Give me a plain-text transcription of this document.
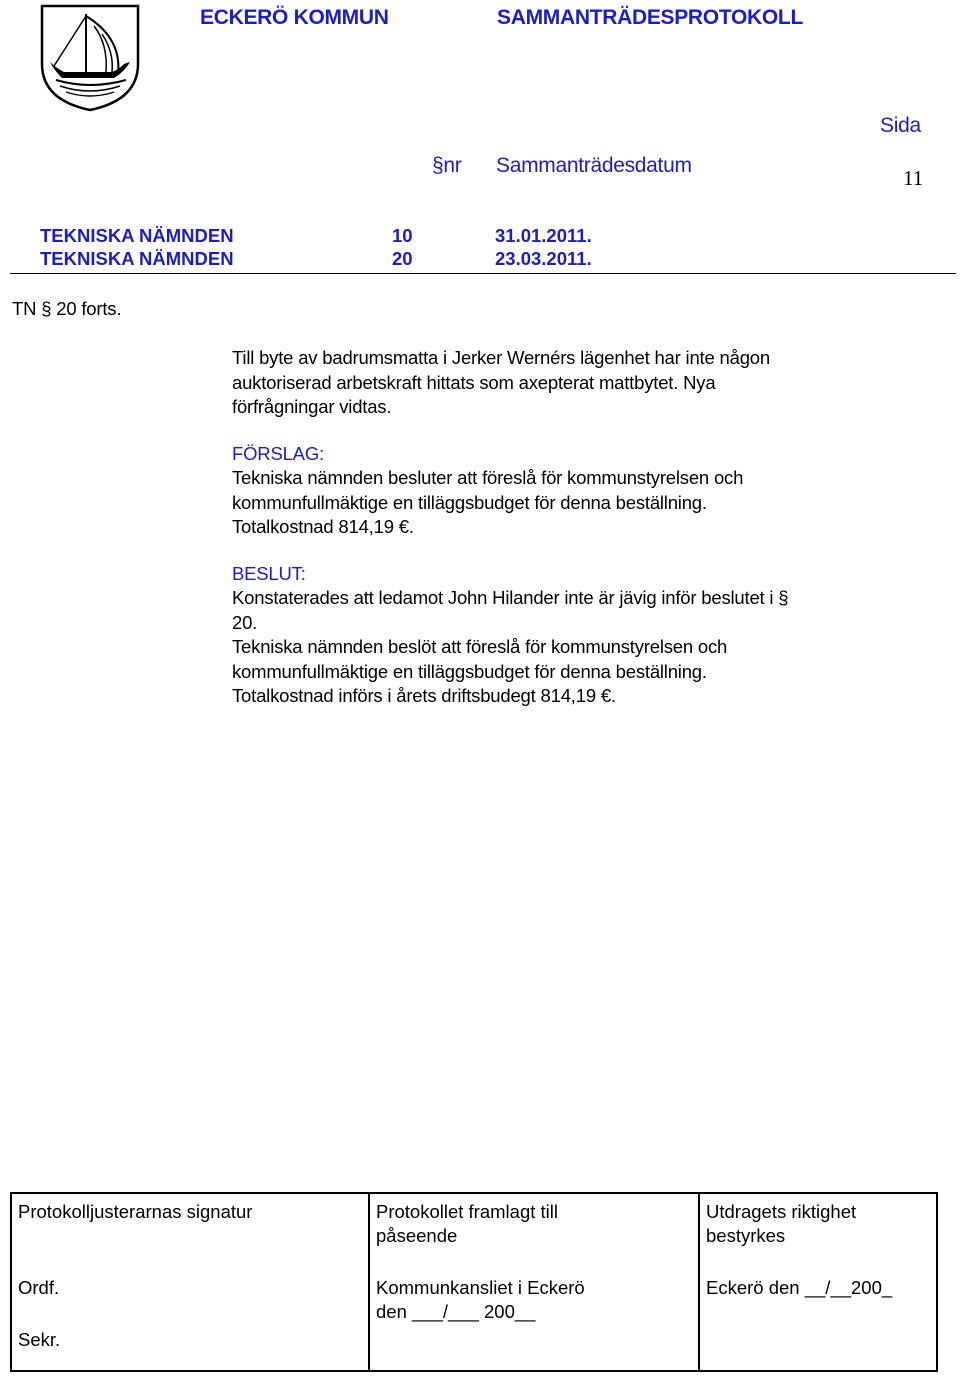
ECKERÖ KOMMUN	SAMMANTRÄDESPROTOKOLL
Sida
§nr Sammanträdesdatum
11
TEKNISKA NÄMNDEN	10	31.01.2011.
TEKNISKA NÄMNDEN	20	23.03.2011.
TN § 20 forts.

Till byte av badrumsmatta i Jerker Wernérs lägenhet har inte någon

auktoriserad arbetskraft hittats som axepterat mattbytet. Nya

förfrågningar vidtas.

FÖRSLAG:

Tekniska nämnden besluter att föreslå för kommunstyrelsen och

kommunfullmäktige en tilläggsbudget för denna beställning.

Totalkostnad 814,19 €.

BESLUT:

Konstaterades att ledamot John Hilander inte är jävig inför beslutet i §

20.

Tekniska nämnden beslöt att föreslå för kommunstyrelsen och

kommunfullmäktige en tilläggsbudget för denna beställning.

Totalkostnad införs i årets driftsbudegt 814,19 €.

Protokolljusterarnas signatur
Ordf.
Sekr.
Protokollet framlagt till
påseende
Kommunkansliet i Eckerö
den ___/___ 200__
Utdragets riktighet
bestyrkes
Eckerö den __/__200_
